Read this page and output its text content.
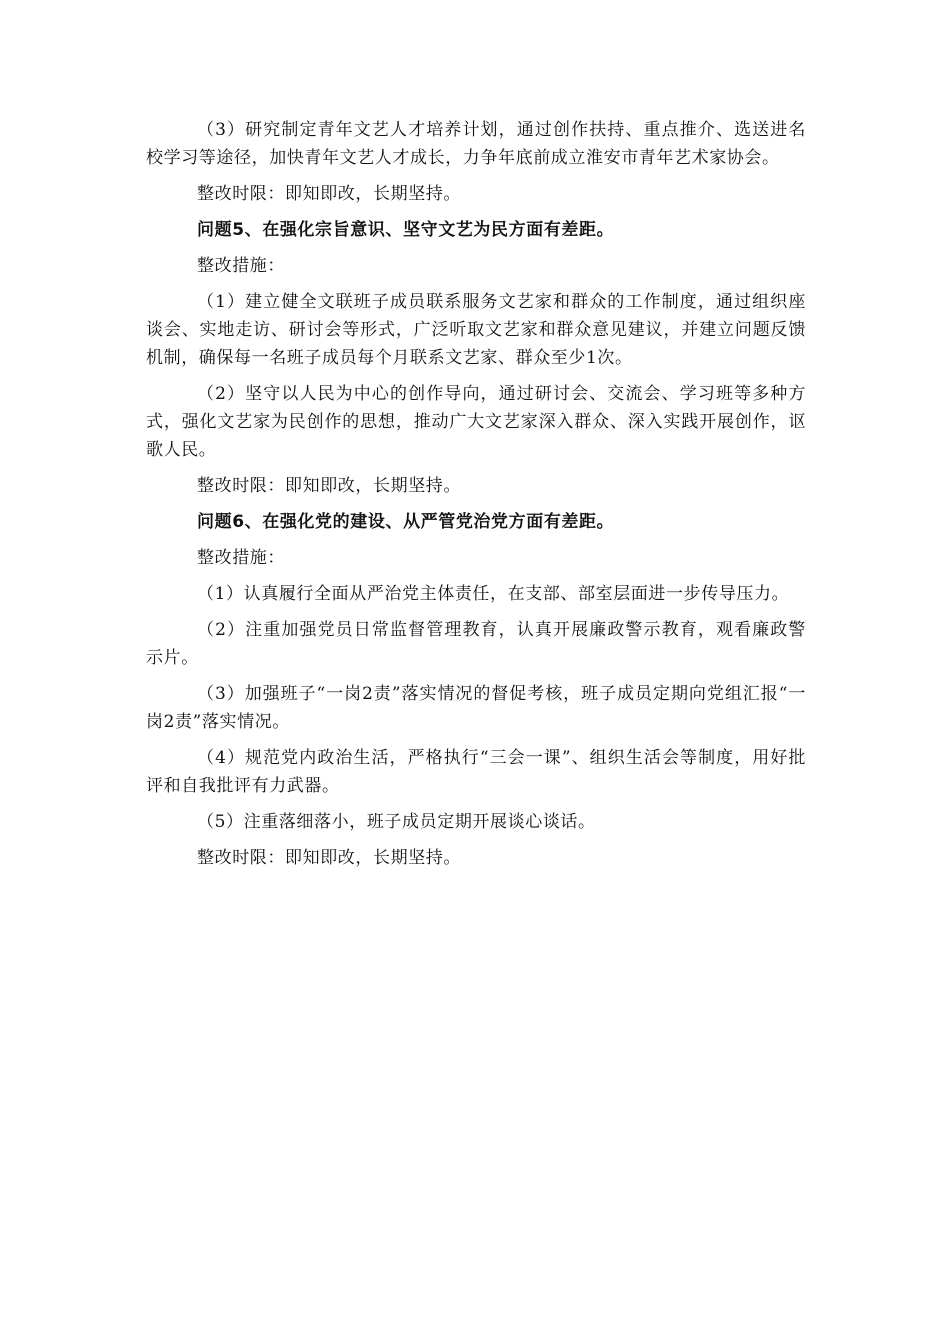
（3）研究制定青年文艺人才培养计划，通过创作扶持、重点推介、选送进名校学习等途径，加快青年文艺人才成长，力争年底前成立淮安市青年艺术家协会。

整改时限：即知即改，长期坚持。

问题5、在强化宗旨意识、坚守文艺为民方面有差距。

整改措施：

（1）建立健全文联班子成员联系服务文艺家和群众的工作制度，通过组织座谈会、实地走访、研讨会等形式，广泛听取文艺家和群众意见建议，并建立问题反馈机制，确保每一名班子成员每个月联系文艺家、群众至少1次。

（2）坚守以人民为中心的创作导向，通过研讨会、交流会、学习班等多种方式，强化文艺家为民创作的思想，推动广大文艺家深入群众、深入实践开展创作，讴歌人民。

整改时限：即知即改，长期坚持。

问题6、在强化党的建设、从严管党治党方面有差距。

整改措施：

（1）认真履行全面从严治党主体责任，在支部、部室层面进一步传导压力。

（2）注重加强党员日常监督管理教育，认真开展廉政警示教育，观看廉政警示片。

（3）加强班子“一岗2责”落实情况的督促考核，班子成员定期向党组汇报“一岗2责”落实情况。

（4）规范党内政治生活，严格执行“三会一课”、组织生活会等制度，用好批评和自我批评有力武器。

（5）注重落细落小，班子成员定期开展谈心谈话。

整改时限：即知即改，长期坚持。
